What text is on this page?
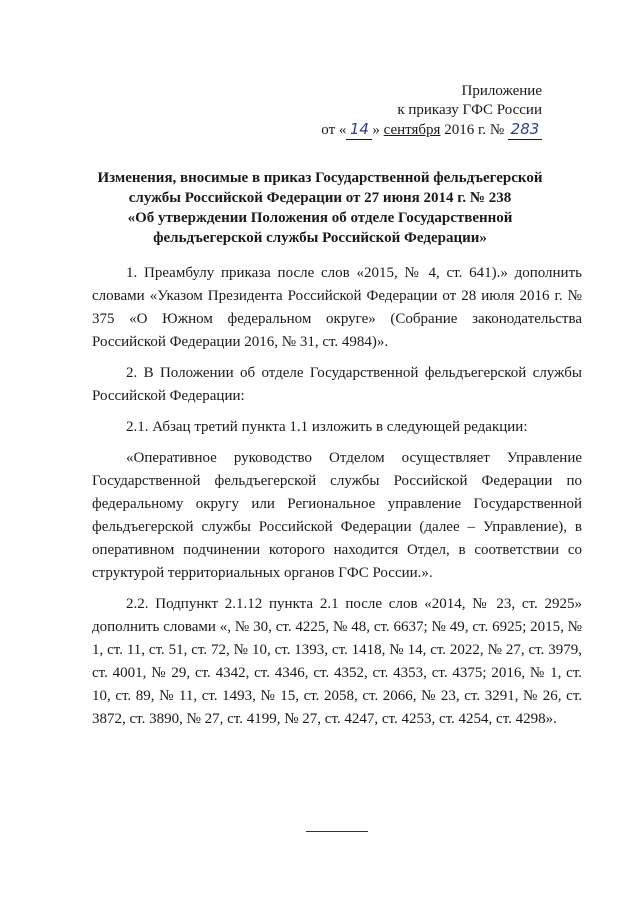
Приложение
к приказу ГФС России
от « 14 » сентября 2016 г. № 283
Изменения, вносимые в приказ Государственной фельдъегерской
службы Российской Федерации от 27 июня 2014 г. № 238
«Об утверждении Положения об отделе Государственной
фельдъегерской службы Российской Федерации»

1. Преамбулу приказа после слов «2015, № 4, ст. 641).» дополнить словами «Указом Президента Российской Федерации от 28 июля 2016 г. № 375 «О Южном федеральном округе» (Собрание законодательства Российской Федерации 2016, № 31, ст. 4984)».

2. В Положении об отделе Государственной фельдъегерской службы Российской Федерации:

2.1. Абзац третий пункта 1.1 изложить в следующей редакции:

«Оперативное руководство Отделом осуществляет Управление Государственной фельдъегерской службы Российской Федерации по федеральному округу или Региональное управление Государственной фельдъегерской службы Российской Федерации (далее – Управление), в оперативном подчинении которого находится Отдел, в соответствии со структурой территориальных органов ГФС России.».

2.2. Подпункт 2.1.12 пункта 2.1 после слов «2014, № 23, ст. 2925» дополнить словами «, № 30, ст. 4225, № 48, ст. 6637; № 49, ст. 6925; 2015, № 1, ст. 11, ст. 51, ст. 72, № 10, ст. 1393, ст. 1418, № 14, ст. 2022, № 27, ст. 3979, ст. 4001, № 29, ст. 4342, ст. 4346, ст. 4352, ст. 4353, ст. 4375; 2016, № 1, ст. 10, ст. 89, № 11, ст. 1493, № 15, ст. 2058, ст. 2066, № 23, ст. 3291, № 26, ст. 3872, ст. 3890, № 27, ст. 4199, № 27, ст. 4247, ст. 4253, ст. 4254, ст. 4298».
